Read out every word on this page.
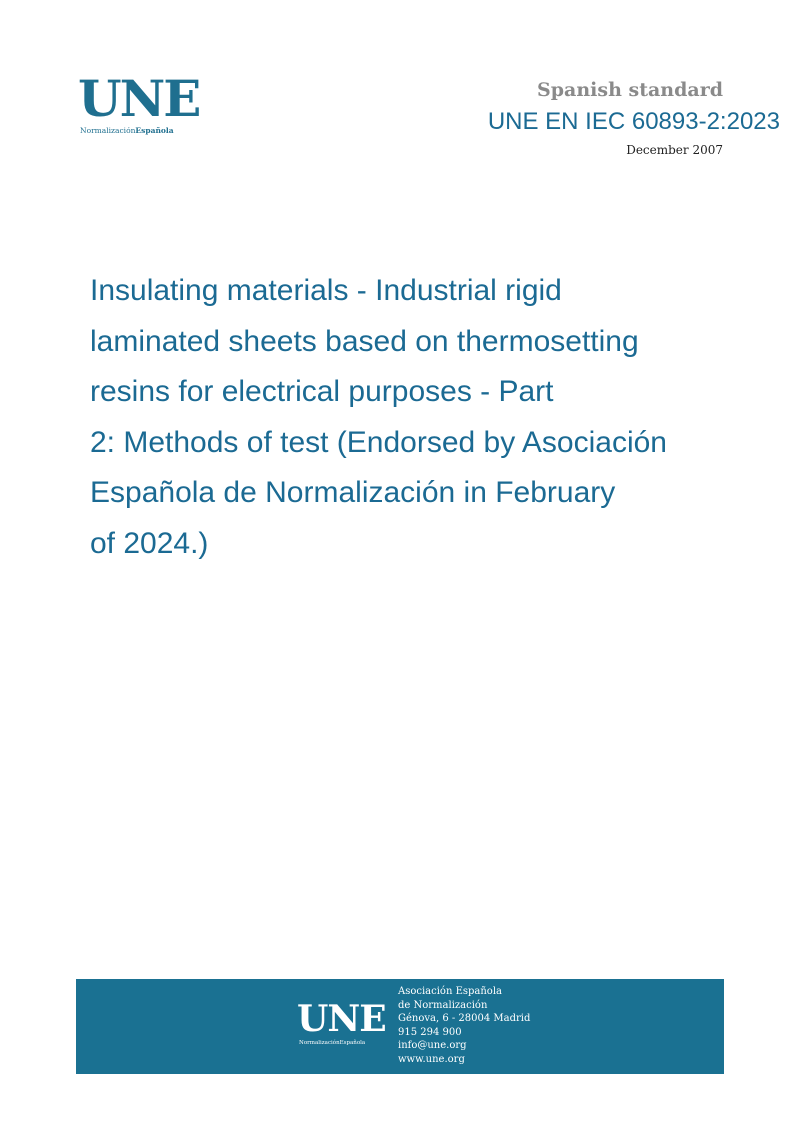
UNE
NormalizaciónEspañola
Spanish standard
UNE EN IEC 60893-2:2023
December 2007
Insulating materials - Industrial rigid
laminated sheets based on thermosetting
resins for electrical purposes - Part
2: Methods of test (Endorsed by Asociación
Española de Normalización in February
of 2024.)
UNE
NormalizaciónEspañola
Asociación Española
de Normalización
Génova, 6 - 28004 Madrid
915 294 900
info@une.org
www.une.org
